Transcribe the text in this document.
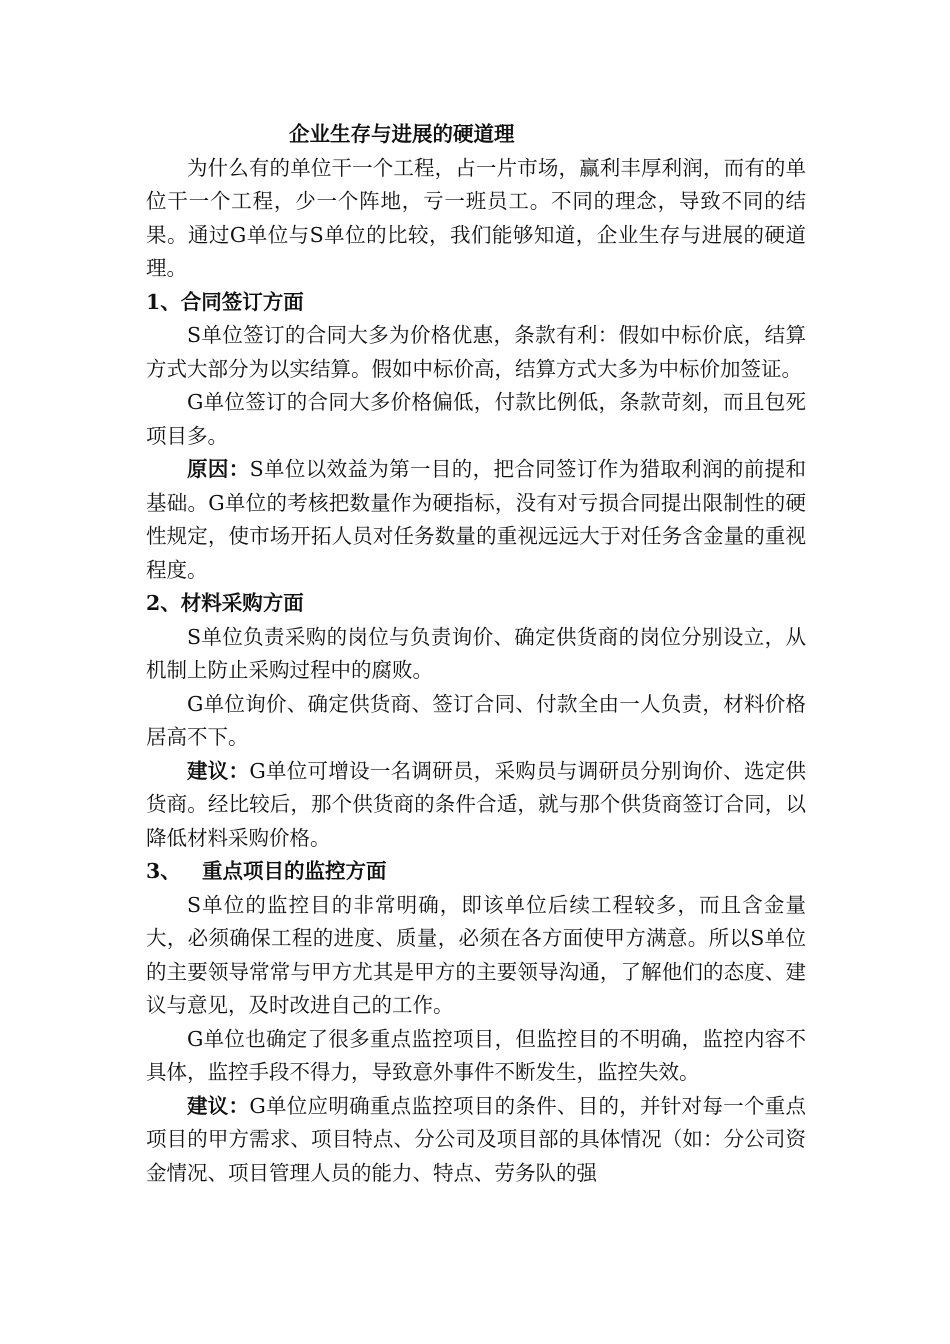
企业生存与进展的硬道理

为什么有的单位干一个工程，占一片市场，赢利丰厚利润，而有的单位干一个工程，少一个阵地，亏一班员工。不同的理念，导致不同的结果。通过G单位与S单位的比较，我们能够知道，企业生存与进展的硬道理。

1、合同签订方面

S单位签订的合同大多为价格优惠，条款有利：假如中标价底，结算方式大部分为以实结算。假如中标价高，结算方式大多为中标价加签证。

G单位签订的合同大多价格偏低，付款比例低，条款苛刻，而且包死项目多。

原因：S单位以效益为第一目的，把合同签订作为猎取利润的前提和基础。G单位的考核把数量作为硬指标，没有对亏损合同提出限制性的硬性规定，使市场开拓人员对任务数量的重视远远大于对任务含金量的重视程度。

2、材料采购方面

S单位负责采购的岗位与负责询价、确定供货商的岗位分别设立，从机制上防止采购过程中的腐败。

G单位询价、确定供货商、签订合同、付款全由一人负责，材料价格居高不下。

建议：G单位可增设一名调研员，采购员与调研员分别询价、选定供货商。经比较后，那个供货商的条件合适，就与那个供货商签订合同，以降低材料采购价格。

3、 重点项目的监控方面

S单位的监控目的非常明确，即该单位后续工程较多，而且含金量大，必须确保工程的进度、质量，必须在各方面使甲方满意。所以S单位的主要领导常常与甲方尤其是甲方的主要领导沟通，了解他们的态度、建议与意见，及时改进自己的工作。

G单位也确定了很多重点监控项目，但监控目的不明确，监控内容不具体，监控手段不得力，导致意外事件不断发生，监控失效。

建议：G单位应明确重点监控项目的条件、目的，并针对每一个重点项目的甲方需求、项目特点、分公司及项目部的具体情况（如：分公司资金情况、项目管理人员的能力、特点、劳务队的强
